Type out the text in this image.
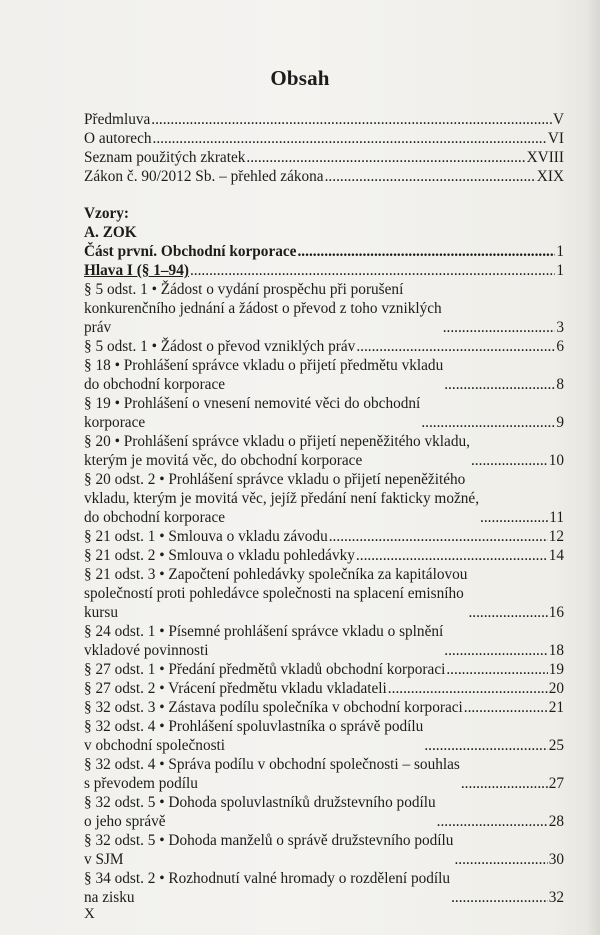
Obsah
Předmluva .....	V
O autorech .....	VI
Seznam použitých zkratek .....	XVIII
Zákon č. 90/2012 Sb. – přehled zákona .....	XIX
Vzory:
A. ZOK
Část první. Obchodní korporace .....	1
Hlava I (§ 1–94) .....	1
§ 5 odst. 1 • Žádost o vydání prospěchu při porušení
konkurenčního jednání a žádost o převod z toho vzniklých
práv .....	3
§ 5 odst. 1 • Žádost o převod vzniklých práv .....	6
§ 18 • Prohlášení správce vkladu o přijetí předmětu vkladu
do obchodní korporace .....	8
§ 19 • Prohlášení o vnesení nemovité věci do obchodní
korporace .....	9
§ 20 • Prohlášení správce vkladu o přijetí nepeněžitého vkladu,
kterým je movitá věc, do obchodní korporace .....	10
§ 20 odst. 2 • Prohlášení správce vkladu o přijetí nepeněžitého
vkladu, kterým je movitá věc, jejíž předání není fakticky možné,
do obchodní korporace .....	11
§ 21 odst. 1 • Smlouva o vkladu závodu .....	12
§ 21 odst. 2 • Smlouva o vkladu pohledávky .....	14
§ 21 odst. 3 • Započtení pohledávky společníka za kapitálovou
společností proti pohledávce společnosti na splacení emisního
kursu .....	16
§ 24 odst. 1 • Písemné prohlášení správce vkladu o splnění
vkladové povinnosti .....	18
§ 27 odst. 1 • Předání předmětů vkladů obchodní korporaci .....	19
§ 27 odst. 2 • Vrácení předmětu vkladu vkladateli .....	20
§ 32 odst. 3 • Zástava podílu společníka v obchodní korporaci .....	21
§ 32 odst. 4 • Prohlášení spoluvlastníka o správě podílu
v obchodní společnosti .....	25
§ 32 odst. 4 • Správa podílu v obchodní společnosti – souhlas
s převodem podílu .....	27
§ 32 odst. 5 • Dohoda spoluvlastníků družstevního podílu
o jeho správě .....	28
§ 32 odst. 5 • Dohoda manželů o správě družstevního podílu
v SJM .....	30
§ 34 odst. 2 • Rozhodnutí valné hromady o rozdělení podílu
na zisku .....	32
X
